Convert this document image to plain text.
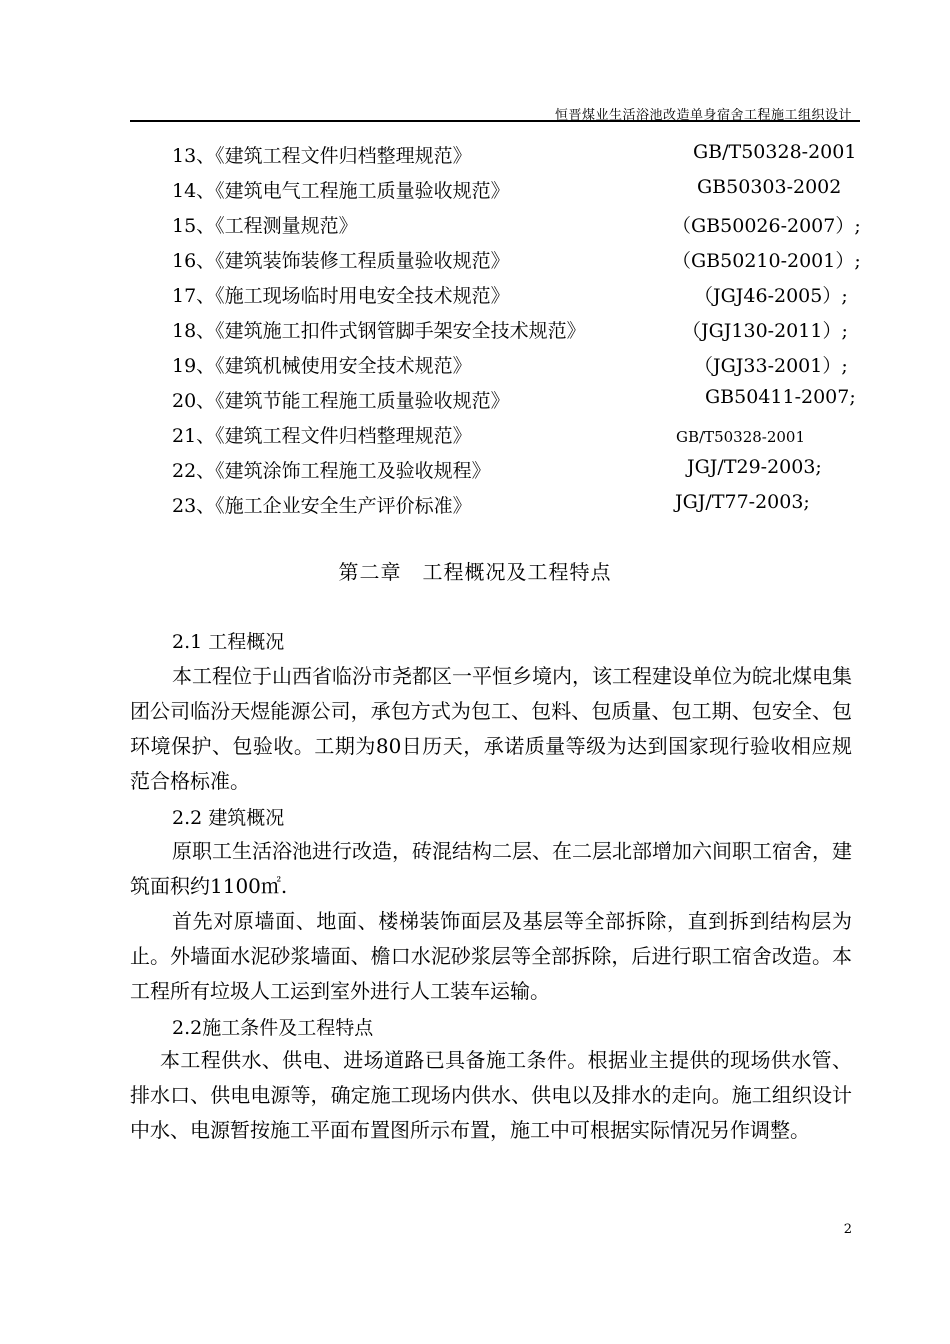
恒晋煤业生活浴池改造单身宿舍工程施工组织设计
13、《建筑工程文件归档整理规范》	GB/T50328-2001
14、《建筑电气工程施工质量验收规范》	GB50303-2002
15、《工程测量规范》	（GB50026-2007）;
16、《建筑装饰装修工程质量验收规范》	（GB50210-2001）;
17、《施工现场临时用电安全技术规范》	（JGJ46-2005）;
18、《建筑施工扣件式钢管脚手架安全技术规范》	（JGJ130-2011）;
19、《建筑机械使用安全技术规范》	（JGJ33-2001）;
20、《建筑节能工程施工质量验收规范》	GB50411-2007;
21、《建筑工程文件归档整理规范》	GB/T50328-2001
22、《建筑涂饰工程施工及验收规程》	JGJ/T29-2003;
23、《施工企业安全生产评价标准》	JGJ/T77-2003;
第二章　工程概况及工程特点
2.1 工程概况
本工程位于山西省临汾市尧都区一平恒乡境内，该工程建设单位为皖北煤电集团公司临汾天煜能源公司，承包方式为包工、包料、包质量、包工期、包安全、包环境保护、包验收。工期为80日历天，承诺质量等级为达到国家现行验收相应规范合格标准。
2.2 建筑概况
原职工生活浴池进行改造，砖混结构二层、在二层北部增加六间职工宿舍，建筑面积约1100㎡.
首先对原墙面、地面、楼梯装饰面层及基层等全部拆除，直到拆到结构层为止。外墙面水泥砂浆墙面、檐口水泥砂浆层等全部拆除，后进行职工宿舍改造。本工程所有垃圾人工运到室外进行人工装车运输。
2.2施工条件及工程特点
本工程供水、供电、进场道路已具备施工条件。根据业主提供的现场供水管、排水口、供电电源等，确定施工现场内供水、供电以及排水的走向。施工组织设计中水、电源暂按施工平面布置图所示布置，施工中可根据实际情况另作调整。
2
